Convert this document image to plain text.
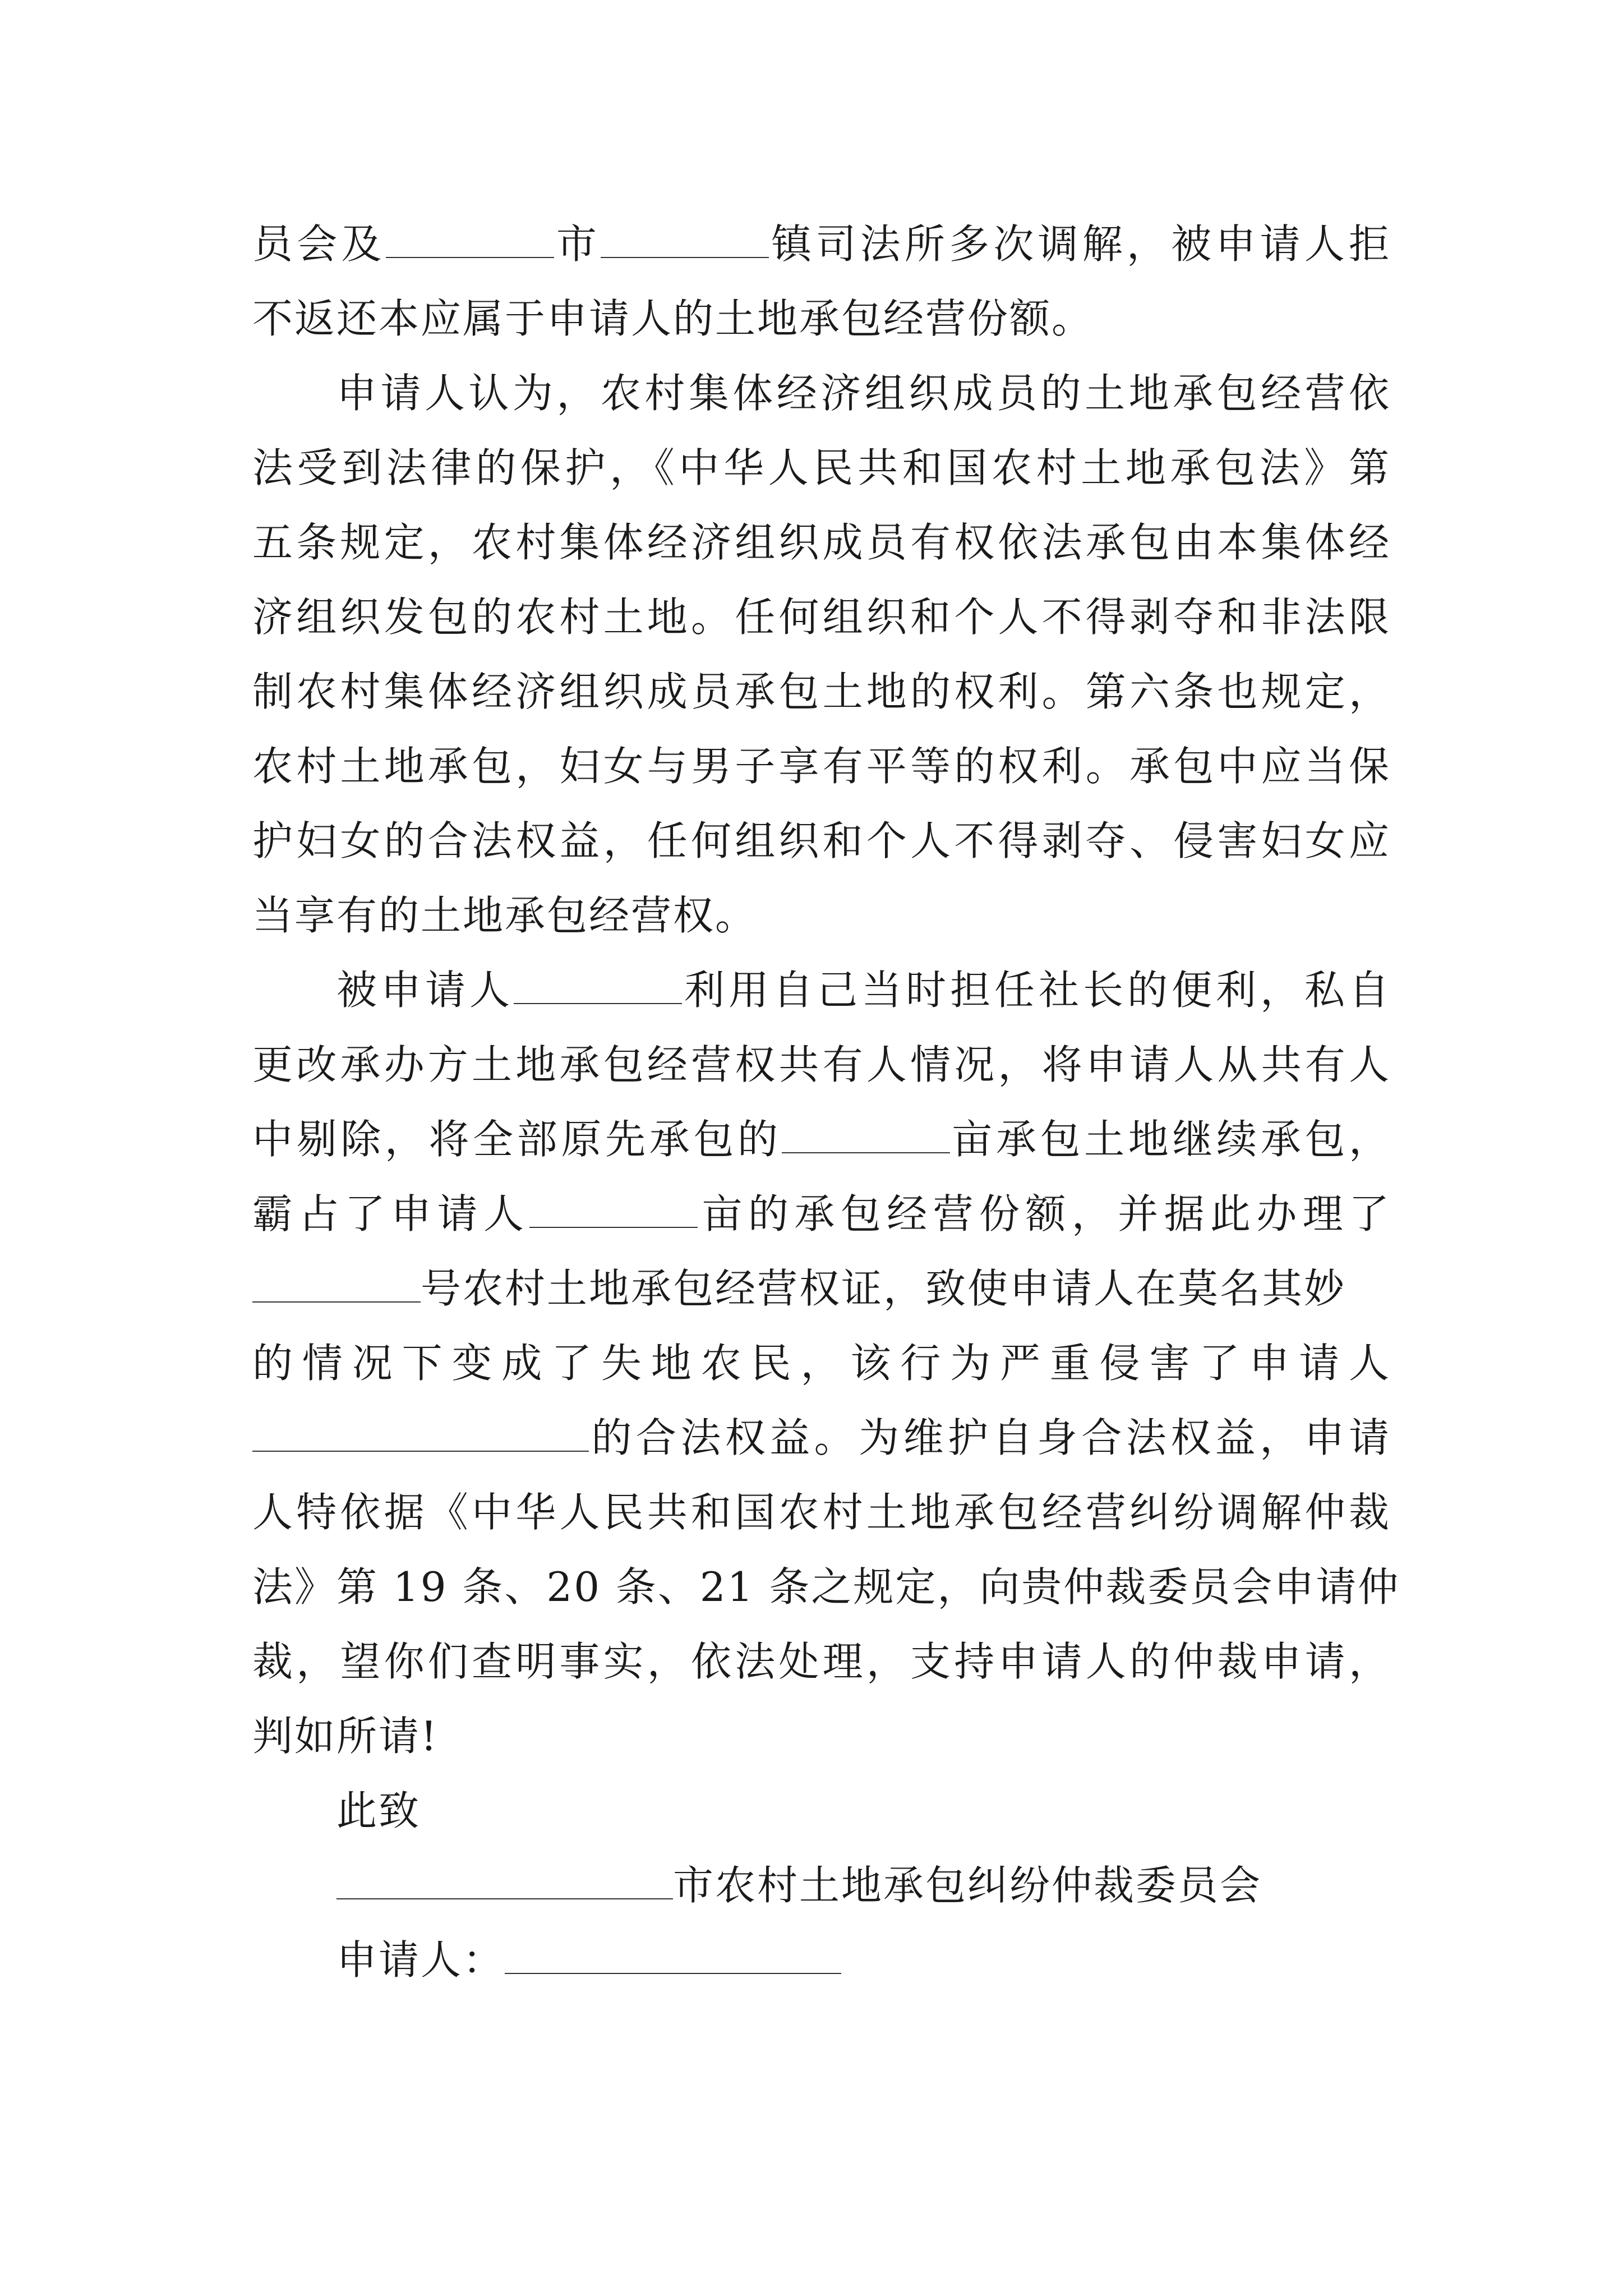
员会及	市	镇司法所多次调解，被申请人拒
不返还本应属于申请人的土地承包经营份额。
申请人认为，农村集体经济组织成员的土地承包经营依
法受到法律的保护，《中华人民共和国农村土地承包法》第
五条规定，农村集体经济组织成员有权依法承包由本集体经
济组织发包的农村土地。任何组织和个人不得剥夺和非法限
制农村集体经济组织成员承包土地的权利。第六条也规定，
农村土地承包，妇女与男子享有平等的权利。承包中应当保
护妇女的合法权益，任何组织和个人不得剥夺、侵害妇女应
当享有的土地承包经营权。
被申请人	利用自己当时担任社长的便利，私自
更改承办方土地承包经营权共有人情况，将申请人从共有人
中剔除，将全部原先承包的	亩承包土地继续承包，
霸占了申请人	亩的承包经营份额，并据此办理了
号农村土地承包经营权证，致使申请人在莫名其妙
的情况下变成了失地农民，该行为严重侵害了申请人
的合法权益。为维护自身合法权益，申请
人特依据《中华人民共和国农村土地承包经营纠纷调解仲裁
法》第 19 条、20 条、21 条之规定，向贵仲裁委员会申请仲
裁，望你们查明事实，依法处理，支持申请人的仲裁申请，
判如所请!
此致
市农村土地承包纠纷仲裁委员会
申请人：
